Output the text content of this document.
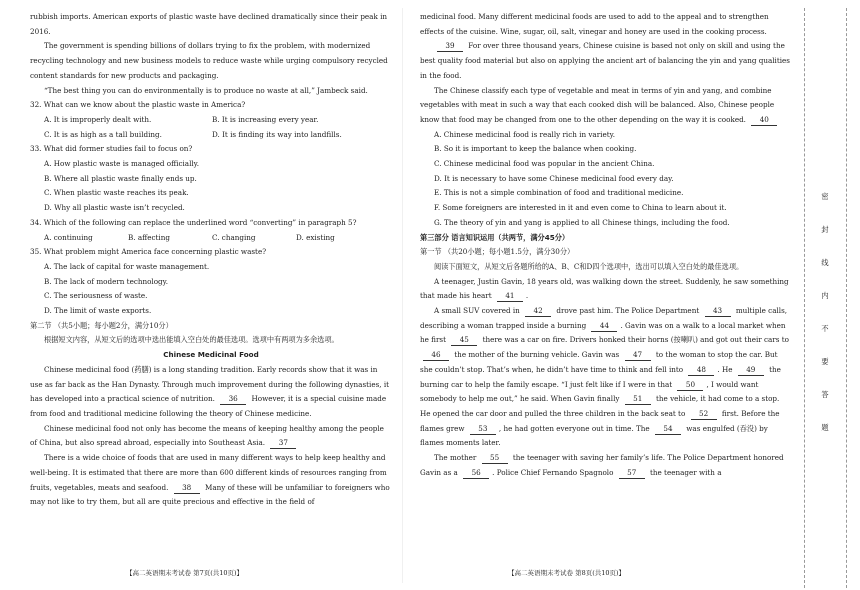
rubbish imports. American exports of plastic waste have declined dramatically since their peak in 2016.

The government is spending billions of dollars trying to fix the problem, with modernized recycling technology and new business models to reduce waste while urging compulsory recycled content standards for new products and packaging.

“The best thing you can do environmentally is to produce no waste at all,” Jambeck said.

32. What can we know about the plastic waste in America?

A. It is improperly dealt with.	B. It is increasing every year.
C. It is as high as a tall building.	D. It is finding its way into landfills.

33. What did former studies fail to focus on?

A. How plastic waste is managed officially.

B. Where all plastic waste finally ends up.

C. When plastic waste reaches its peak.

D. Why all plastic waste isn’t recycled.

34. Which of the following can replace the underlined word “converting” in paragraph 5?

A. continuing	B. affecting	C. changing	D. existing

35. What problem might America face concerning plastic waste?

A. The lack of capital for waste management.

B. The lack of modern technology.

C. The seriousness of waste.

D. The limit of waste exports.

第二节 （共5小题；每小题2分，满分10分）

根据短文内容，从短文后的选项中选出能填入空白处的最佳选项。选项中有两项为多余选项。

Chinese Medicinal Food

Chinese medicinal food (药膳) is a long standing tradition. Early records show that it was in use as far back as the Han Dynasty. Through much improvement during the following dynasties, it has developed into a practical science of nutrition. 36 However, it is a special cuisine made from food and traditional medicine following the theory of Chinese medicine.

Chinese medicinal food not only has become the means of keeping healthy among the people of China, but also spread abroad, especially into Southeast Asia. 37

There is a wide choice of foods that are used in many different ways to help keep healthy and well-being. It is estimated that there are more than 600 different kinds of resources ranging from fruits, vegetables, meats and seafood. 38 Many of these will be unfamiliar to foreigners who may not like to try them, but all are quite precious and effective in the field of

medicinal food. Many different medicinal foods are used to add to the appeal and to strengthen effects of the cuisine. Wine, sugar, oil, salt, vinegar and honey are used in the cooking process.

39 For over three thousand years, Chinese cuisine is based not only on skill and using the best quality food material but also on applying the ancient art of balancing the yin and yang qualities in the food.

The Chinese classify each type of vegetable and meat in terms of yin and yang, and combine vegetables with meat in such a way that each cooked dish will be balanced. Also, Chinese people know that food may be changed from one to the other depending on the way it is cooked. 40

A. Chinese medicinal food is really rich in variety.

B. So it is important to keep the balance when cooking.

C. Chinese medicinal food was popular in the ancient China.

D. It is necessary to have some Chinese medicinal food every day.

E. This is not a simple combination of food and traditional medicine.

F. Some foreigners are interested in it and even come to China to learn about it.

G. The theory of yin and yang is applied to all Chinese things, including the food.

第三部分 语言知识运用（共两节，满分45分）

第一节 （共20小题；每小题1.5分，满分30分）

阅读下面短文，从短文后各题所给的A、B、C和D四个选项中，选出可以填入空白处的最佳选项。

A teenager, Justin Gavin, 18 years old, was walking down the street. Suddenly, he saw something that made his heart 41 .

A small SUV covered in 42 drove past him. The Police Department 43 multiple calls, describing a woman trapped inside a burning 44 . Gavin was on a walk to a local market when he first 45 there was a car on fire. Drivers honked their horns (按喇叭) and got out their cars to 46 the mother of the burning vehicle. Gavin was 47 to the woman to stop the car. But she couldn’t stop. That’s when, he didn’t have time to think and fell into 48 . He 49 the burning car to help the family escape. “I just felt like if I were in that 50 , I would want somebody to help me out,” he said. When Gavin finally 51 the vehicle, it had come to a stop. He opened the car door and pulled the three children in the back seat to 52 first. Before the flames grew 53 , he had gotten everyone out in time. The 54 was engulfed (吞没) by flames moments later.

The mother 55 the teenager with saving her family’s life. The Police Department honored Gavin as a 56 . Police Chief Fernando Spagnolo 57 the teenager with a

【高二英语期末考试卷 第7页(共10页)】	【高二英语期末考试卷 第8页(共10页)】
密
封
线
内
不
要
答
题
